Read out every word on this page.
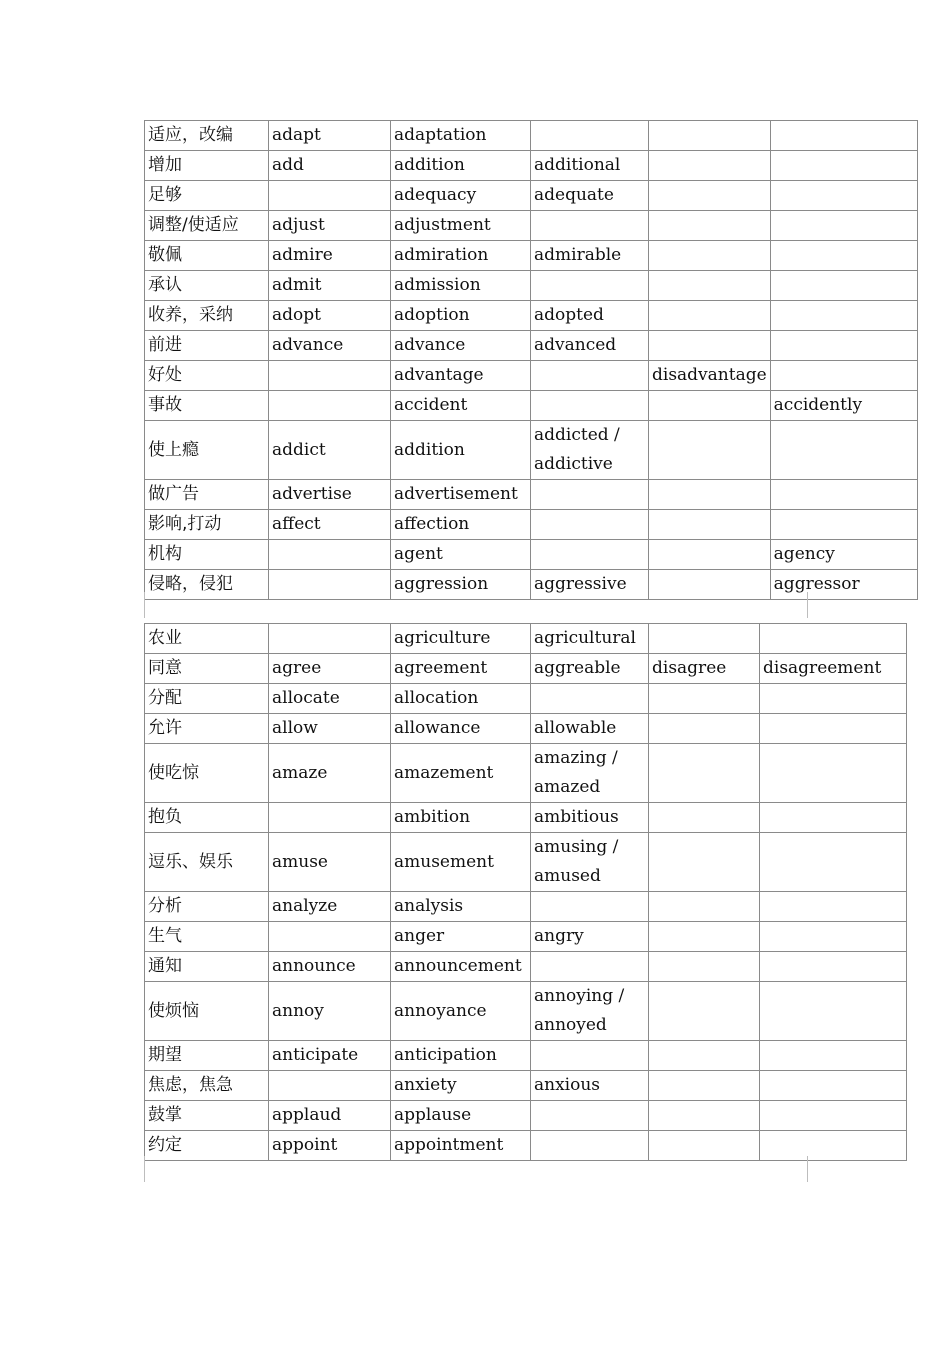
适应，改编	adapt	adaptation			
增加	add	addition	additional		
足够		adequacy	adequate		
调整/使适应	adjust	adjustment			
敬佩	admire	admiration	admirable		
承认	admit	admission			
收养，采纳	adopt	adoption	adopted		
前进	advance	advance	advanced		
好处		advantage		disadvantage	
事故		accident			accidently
使上瘾	addict	addition	addicted / addictive		
做广告	advertise	advertisement			
影响,打动	affect	affection			
机构		agent			agency
侵略，侵犯		aggression	aggressive		aggressor
农业		agriculture	agricultural		
同意	agree	agreement	aggreable	disagree	disagreement
分配	allocate	allocation			
允许	allow	allowance	allowable		
使吃惊	amaze	amazement	amazing / amazed		
抱负		ambition	ambitious		
逗乐、娱乐	amuse	amusement	amusing / amused		
分析	analyze	analysis			
生气		anger	angry		
通知	announce	announcement			
使烦恼	annoy	annoyance	annoying / annoyed		
期望	anticipate	anticipation			
焦虑，焦急		anxiety	anxious		
鼓掌	applaud	applause			
约定	appoint	appointment			
